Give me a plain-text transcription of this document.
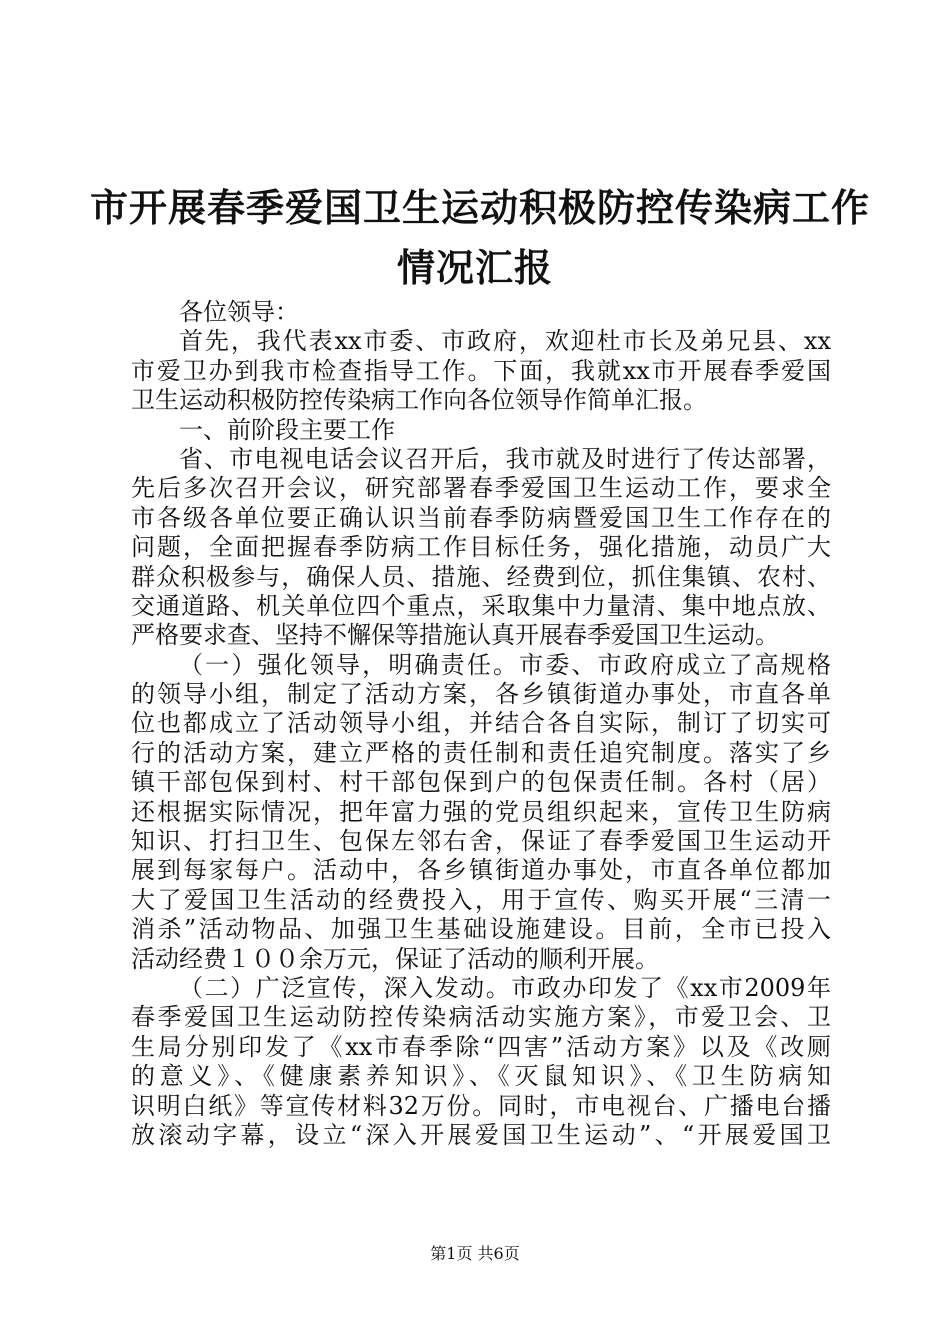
市开展春季爱国卫生运动积极防控传染病工作
情况汇报
各位领导：
首先，我代表xx市委、市政府，欢迎杜市长及弟兄县、xx
市爱卫办到我市检查指导工作。下面，我就xx市开展春季爱国
卫生运动积极防控传染病工作向各位领导作简单汇报。
一、前阶段主要工作
省、市电视电话会议召开后，我市就及时进行了传达部署，
先后多次召开会议，研究部署春季爱国卫生运动工作，要求全
市各级各单位要正确认识当前春季防病暨爱国卫生工作存在的
问题，全面把握春季防病工作目标任务，强化措施，动员广大
群众积极参与，确保人员、措施、经费到位，抓住集镇、农村、
交通道路、机关单位四个重点，采取集中力量清、集中地点放、
严格要求查、坚持不懈保等措施认真开展春季爱国卫生运动。
（一）强化领导，明确责任。市委、市政府成立了高规格
的领导小组，制定了活动方案，各乡镇街道办事处，市直各单
位也都成立了活动领导小组，并结合各自实际，制订了切实可
行的活动方案，建立严格的责任制和责任追究制度。落实了乡
镇干部包保到村、村干部包保到户的包保责任制。各村（居）
还根据实际情况，把年富力强的党员组织起来，宣传卫生防病
知识、打扫卫生、包保左邻右舍，保证了春季爱国卫生运动开
展到每家每户。活动中，各乡镇街道办事处，市直各单位都加
大了爱国卫生活动的经费投入，用于宣传、购买开展“三清一
消杀”活动物品、加强卫生基础设施建设。目前，全市已投入
活动经费１００余万元，保证了活动的顺利开展。
（二）广泛宣传，深入发动。市政办印发了《xx市2009年
春季爱国卫生运动防控传染病活动实施方案》，市爱卫会、卫
生局分别印发了《xx市春季除“四害”活动方案》以及《改厕
的意义》、《健康素养知识》、《灭鼠知识》、《卫生防病知
识明白纸》等宣传材料32万份。同时，市电视台、广播电台播
放滚动字幕，设立“深入开展爱国卫生运动”、“开展爱国卫
第1页 共6页
